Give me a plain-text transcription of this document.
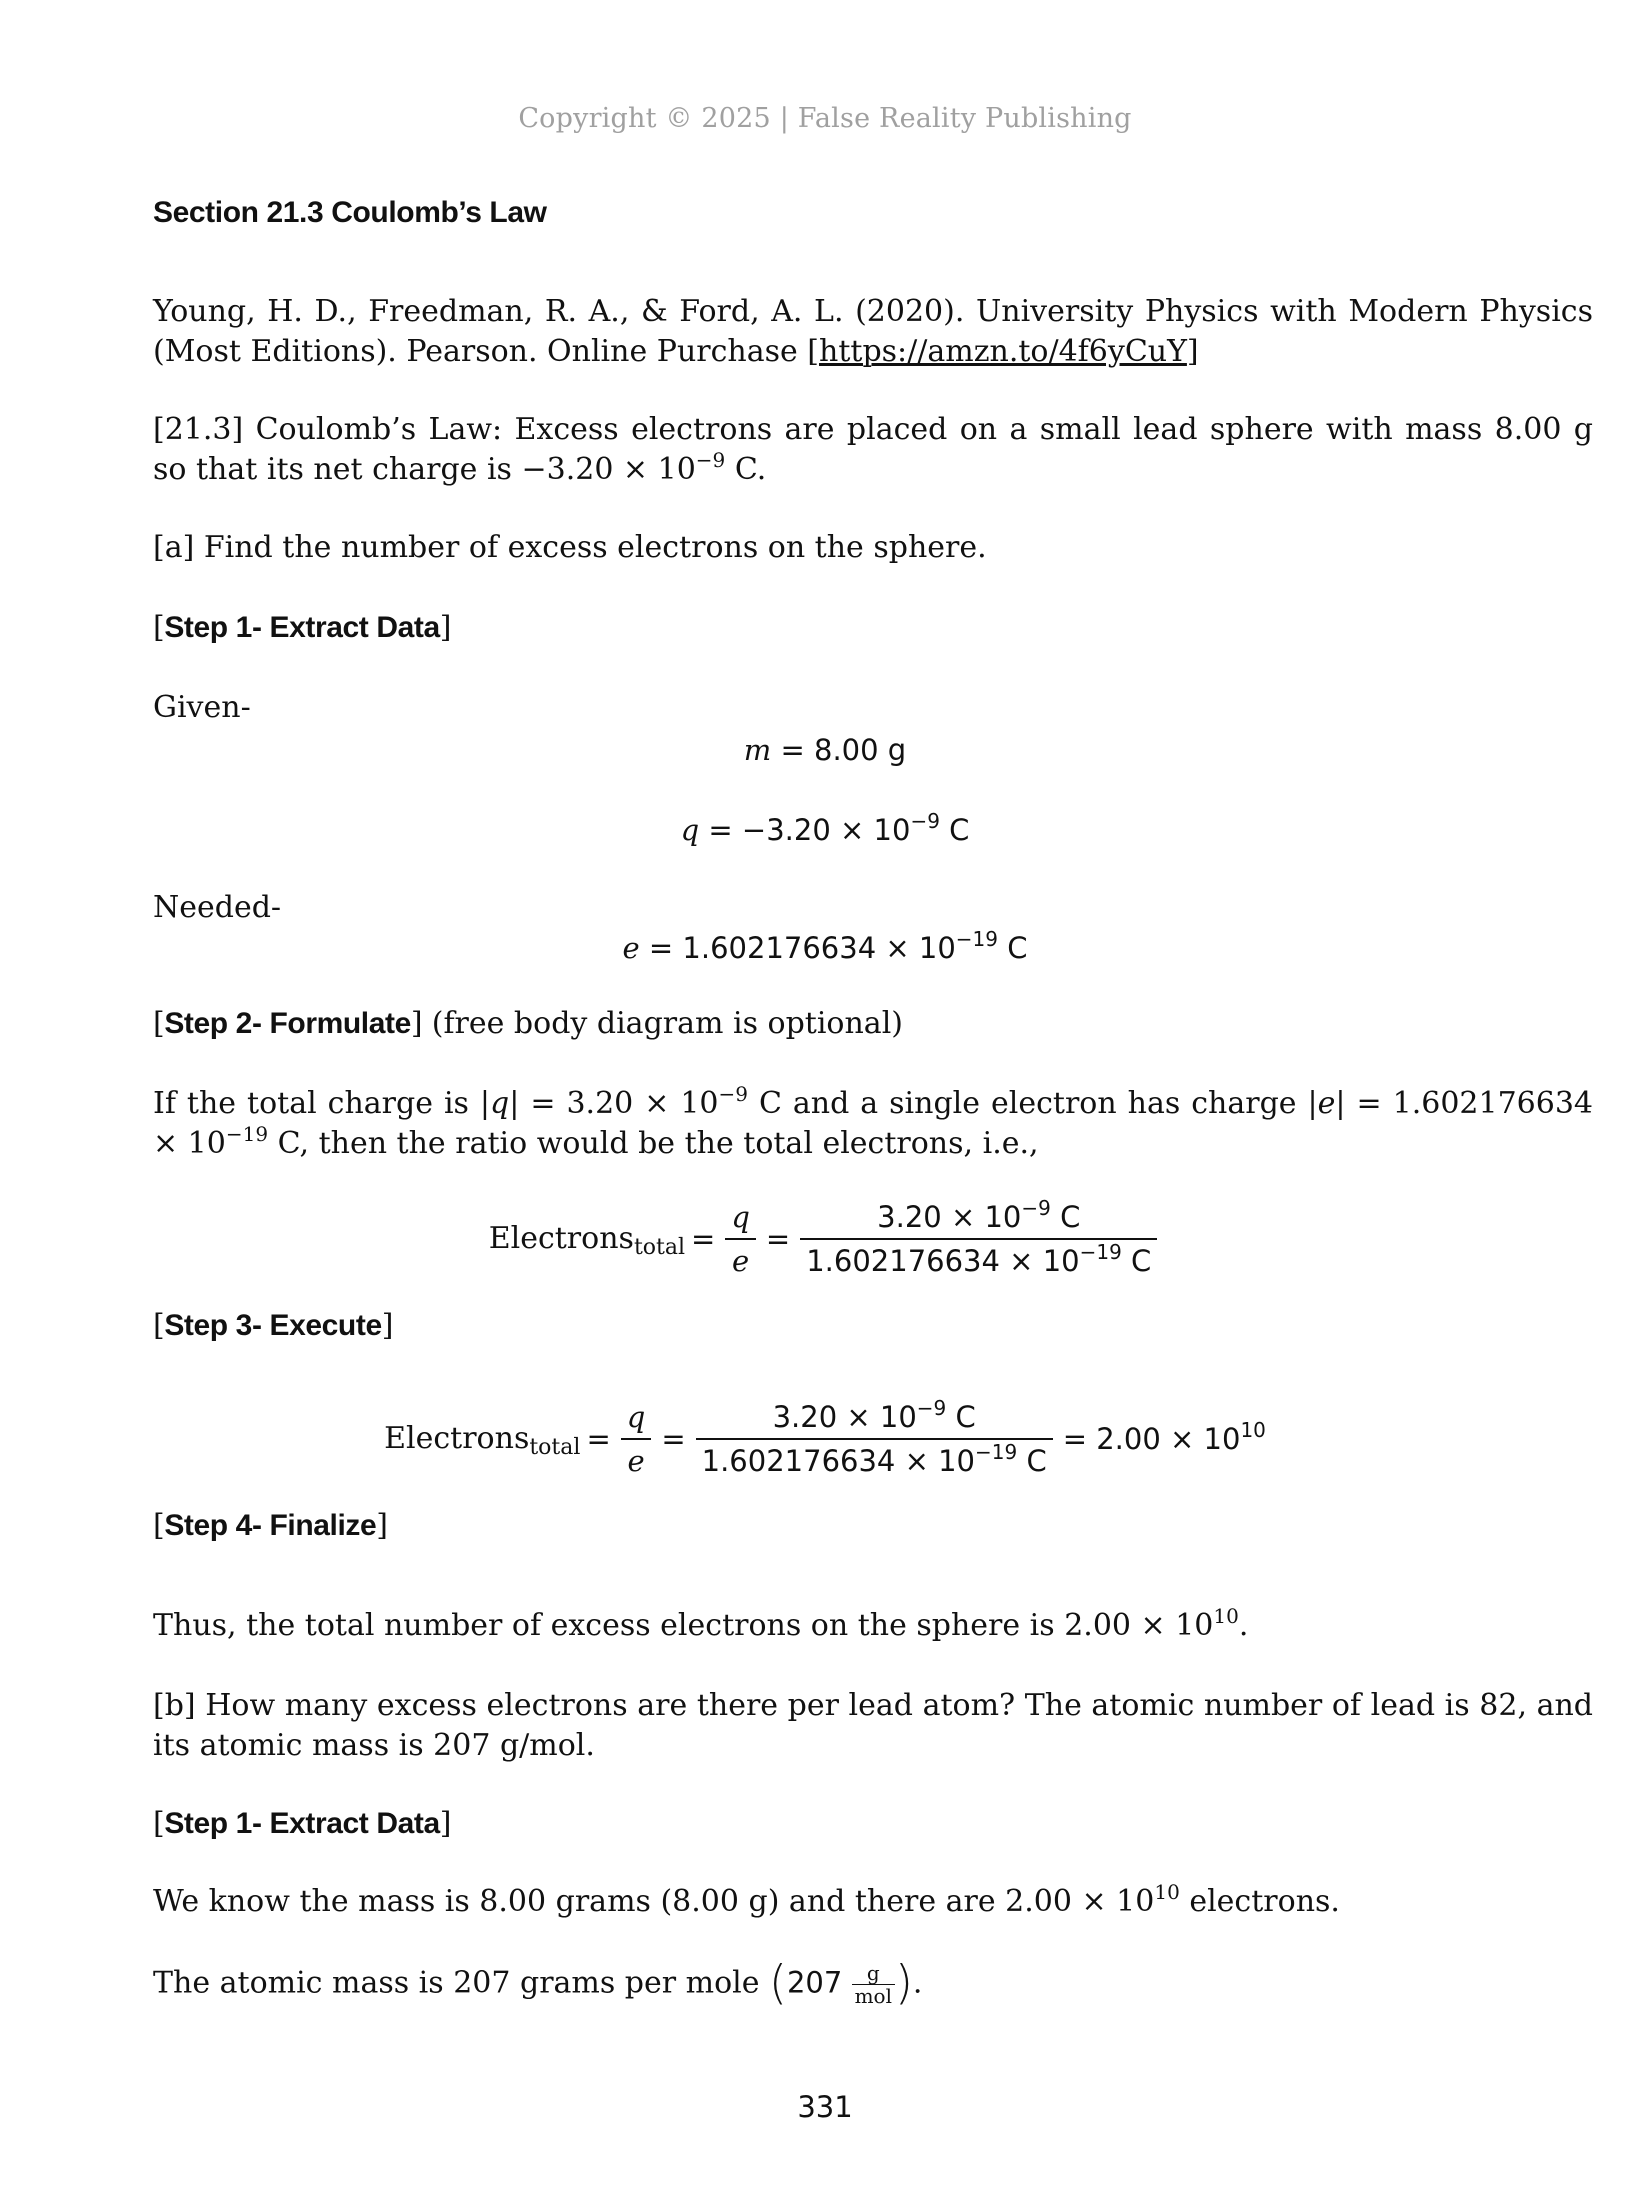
Copyright © 2025 | False Reality Publishing
Section 21.3 Coulomb’s Law
Young, H. D., Freedman, R. A., & Ford, A. L. (2020). University Physics with Modern Physics (Most Editions). Pearson. Online Purchase [https://amzn.to/4f6yCuY]
[21.3] Coulomb’s Law: Excess electrons are placed on a small lead sphere with mass 8.00 g so that its net charge is $-3.20 \times 10^{-9}$ C.
[a] Find the number of excess electrons on the sphere.
[Step 1- Extract Data]
Given-
m = 8.00 g
$q = -3.20 \times 10^{-9}$ C
Needed-
$e = 1.602176634 \times 10^{-19}$ C
[Step 2- Formulate] (free body diagram is optional)
If the total charge is $|q| = 3.20 \times 10^{-9}$ C and a single electron has charge $|e| = 1.602176634 \times 10^{-19}$ C, then the ratio would be the total electrons, i.e.,
Electrons$_{total}$ = $\frac{q}{e} = \frac{3.20 \times 10^{-9} C}{1.602176634 \times 10^{-19} C}$
[Step 3- Execute]
Electrons$_{total}$ = $\frac{q}{e} = \frac{3.20 \times 10^{-9} C}{1.602176634 \times 10^{-19} C} = 2.00 \times 10^{10}$
[Step 4- Finalize]
Thus, the total number of excess electrons on the sphere is $2.00 \times 10^{10}$.
[b] How many excess electrons are there per lead atom? The atomic number of lead is 82, and its atomic mass is 207 g/mol.
[Step 1- Extract Data]
We know the mass is 8.00 grams (8.00 g) and there are $2.00 \times 10^{10}$ electrons.
The atomic mass is 207 grams per mole ($207 \frac{g}{\text{mol}}$ ).
331
